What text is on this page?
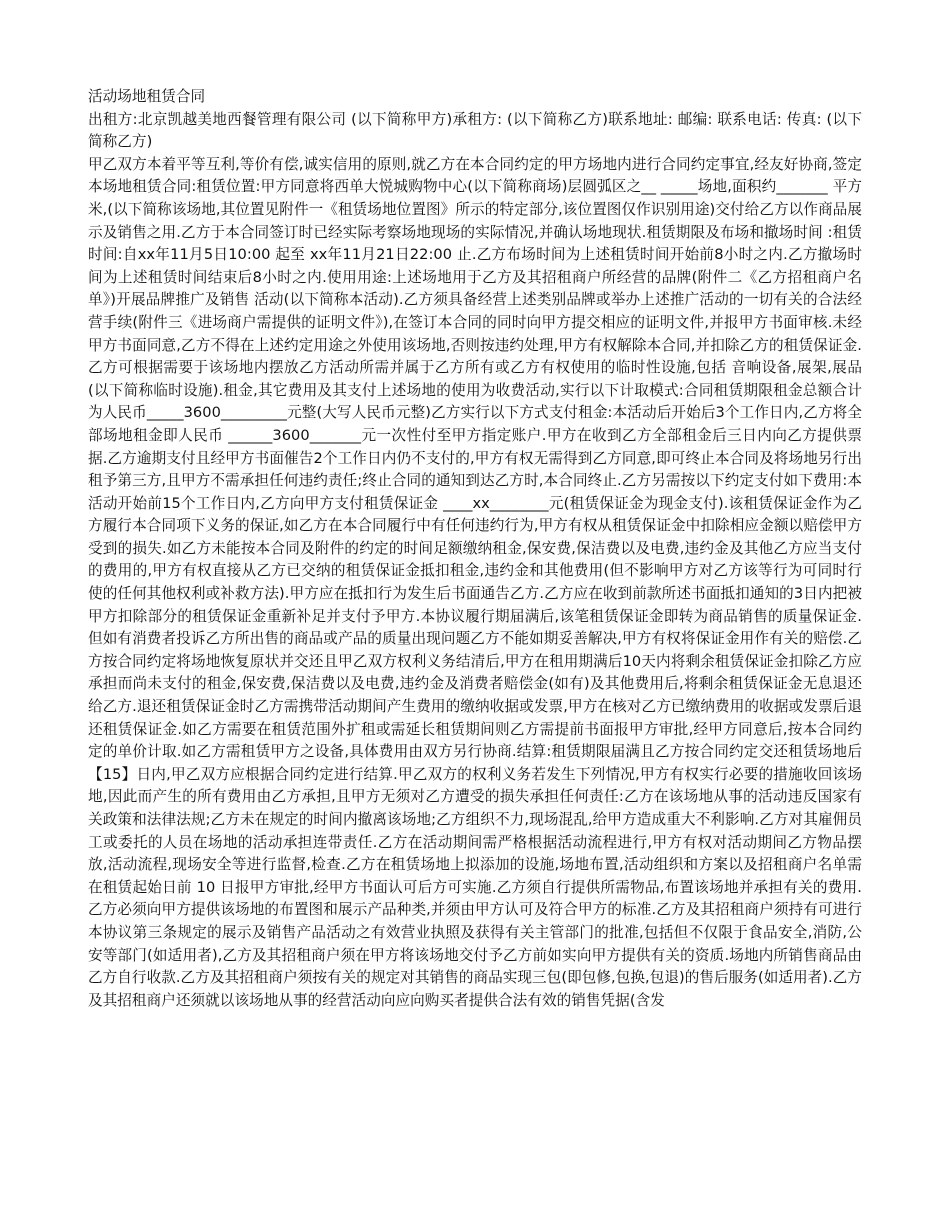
活动场地租赁合同
出租方:北京凯越美地西餐管理有限公司 (以下简称甲方)承租方: (以下简称乙方)联系地址: 邮编: 联系电话: 传真: (以下简称乙方)
甲乙双方本着平等互利,等价有偿,诚实信用的原则,就乙方在本合同约定的甲方场地内进行合同约定事宜,经友好协商,签定本场地租赁合同:租赁位置:甲方同意将西单大悦城购物中心(以下简称商场)层圆弧区之__ _____场地,面积约_______ 平方米,(以下简称该场地,其位置见附件一《租赁场地位置图》所示的特定部分,该位置图仅作识别用途)交付给乙方以作商品展示及销售之用.乙方于本合同签订时已经实际考察场地现场的实际情况,并确认场地现状.租赁期限及布场和撤场时间 :租赁时间:自xx年11月5日10:00 起至 xx年11月21日22:00 止.乙方布场时间为上述租赁时间开始前8小时之内.乙方撤场时间为上述租赁时间结束后8小时之内.使用用途:上述场地用于乙方及其招租商户所经营的品牌(附件二《乙方招租商户名单》)开展品牌推广及销售 活动(以下简称本活动).乙方须具备经营上述类别品牌或举办上述推广活动的一切有关的合法经营手续(附件三《进场商户需提供的证明文件》),在签订本合同的同时向甲方提交相应的证明文件,并报甲方书面审核.未经甲方书面同意,乙方不得在上述约定用途之外使用该场地,否则按违约处理,甲方有权解除本合同,并扣除乙方的租赁保证金.乙方可根据需要于该场地内摆放乙方活动所需并属于乙方所有或乙方有权使用的临时性设施,包括 音响设备,展架,展品 (以下简称临时设施).租金,其它费用及其支付上述场地的使用为收费活动,实行以下计取模式:合同租赁期限租金总额合计为人民币_____3600_________元整(大写人民币元整)乙方实行以下方式支付租金:本活动后开始后3个工作日内,乙方将全部场地租金即人民币 ______3600_______元一次性付至甲方指定账户.甲方在收到乙方全部租金后三日内向乙方提供票据.乙方逾期支付且经甲方书面催告2个工作日内仍不支付的,甲方有权无需得到乙方同意,即可终止本合同及将场地另行出租予第三方,且甲方不需承担任何违约责任;终止合同的通知到达乙方时,本合同终止.乙方另需按以下约定支付如下费用:本活动开始前15个工作日内,乙方向甲方支付租赁保证金 ____xx________元(租赁保证金为现金支付).该租赁保证金作为乙方履行本合同项下义务的保证,如乙方在本合同履行中有任何违约行为,甲方有权从租赁保证金中扣除相应金额以赔偿甲方受到的损失.如乙方未能按本合同及附件的约定的时间足额缴纳租金,保安费,保洁费以及电费,违约金及其他乙方应当支付的费用的,甲方有权直接从乙方已交纳的租赁保证金抵扣租金,违约金和其他费用(但不影响甲方对乙方该等行为可同时行使的任何其他权利或补救方法).甲方应在抵扣行为发生后书面通告乙方.乙方应在收到前款所述书面抵扣通知的3日内把被甲方扣除部分的租赁保证金重新补足并支付予甲方.本协议履行期届满后,该笔租赁保证金即转为商品销售的质量保证金.但如有消费者投诉乙方所出售的商品或产品的质量出现问题乙方不能如期妥善解决,甲方有权将保证金用作有关的赔偿.乙方按合同约定将场地恢复原状并交还且甲乙双方权利义务结清后,甲方在租用期满后10天内将剩余租赁保证金扣除乙方应承担而尚未支付的租金,保安费,保洁费以及电费,违约金及消费者赔偿金(如有)及其他费用后,将剩余租赁保证金无息退还给乙方.退还租赁保证金时乙方需携带活动期间产生费用的缴纳收据或发票,甲方在核对乙方已缴纳费用的收据或发票后退还租赁保证金.如乙方需要在租赁范围外扩租或需延长租赁期间则乙方需提前书面报甲方审批,经甲方同意后,按本合同约定的单价计取.如乙方需租赁甲方之设备,具体费用由双方另行协商.结算:租赁期限届满且乙方按合同约定交还租赁场地后【15】日内,甲乙双方应根据合同约定进行结算.甲乙双方的权利义务若发生下列情况,甲方有权实行必要的措施收回该场地,因此而产生的所有费用由乙方承担,且甲方无须对乙方遭受的损失承担任何责任:乙方在该场地从事的活动违反国家有关政策和法律法规;乙方未在规定的时间内撤离该场地;乙方组织不力,现场混乱,给甲方造成重大不利影响.乙方对其雇佣员工或委托的人员在场地的活动承担连带责任.乙方在活动期间需严格根据活动流程进行,甲方有权对活动期间乙方物品摆放,活动流程,现场安全等进行监督,检查.乙方在租赁场地上拟添加的设施,场地布置,活动组织和方案以及招租商户名单需在租赁起始日前 10 日报甲方审批,经甲方书面认可后方可实施.乙方须自行提供所需物品,布置该场地并承担有关的费用.乙方必须向甲方提供该场地的布置图和展示产品种类,并须由甲方认可及符合甲方的标准.乙方及其招租商户须持有可进行本协议第三条规定的展示及销售产品活动之有效营业执照及获得有关主管部门的批准,包括但不仅限于食品安全,消防,公安等部门(如适用者),乙方及其招租商户须在甲方将该场地交付予乙方前如实向甲方提供有关的资质.场地内所销售商品由乙方自行收款.乙方及其招租商户须按有关的规定对其销售的商品实现三包(即包修,包换,包退)的售后服务(如适用者).乙方及其招租商户还须就以该场地从事的经营活动向应向购买者提供合法有效的销售凭据(含发
